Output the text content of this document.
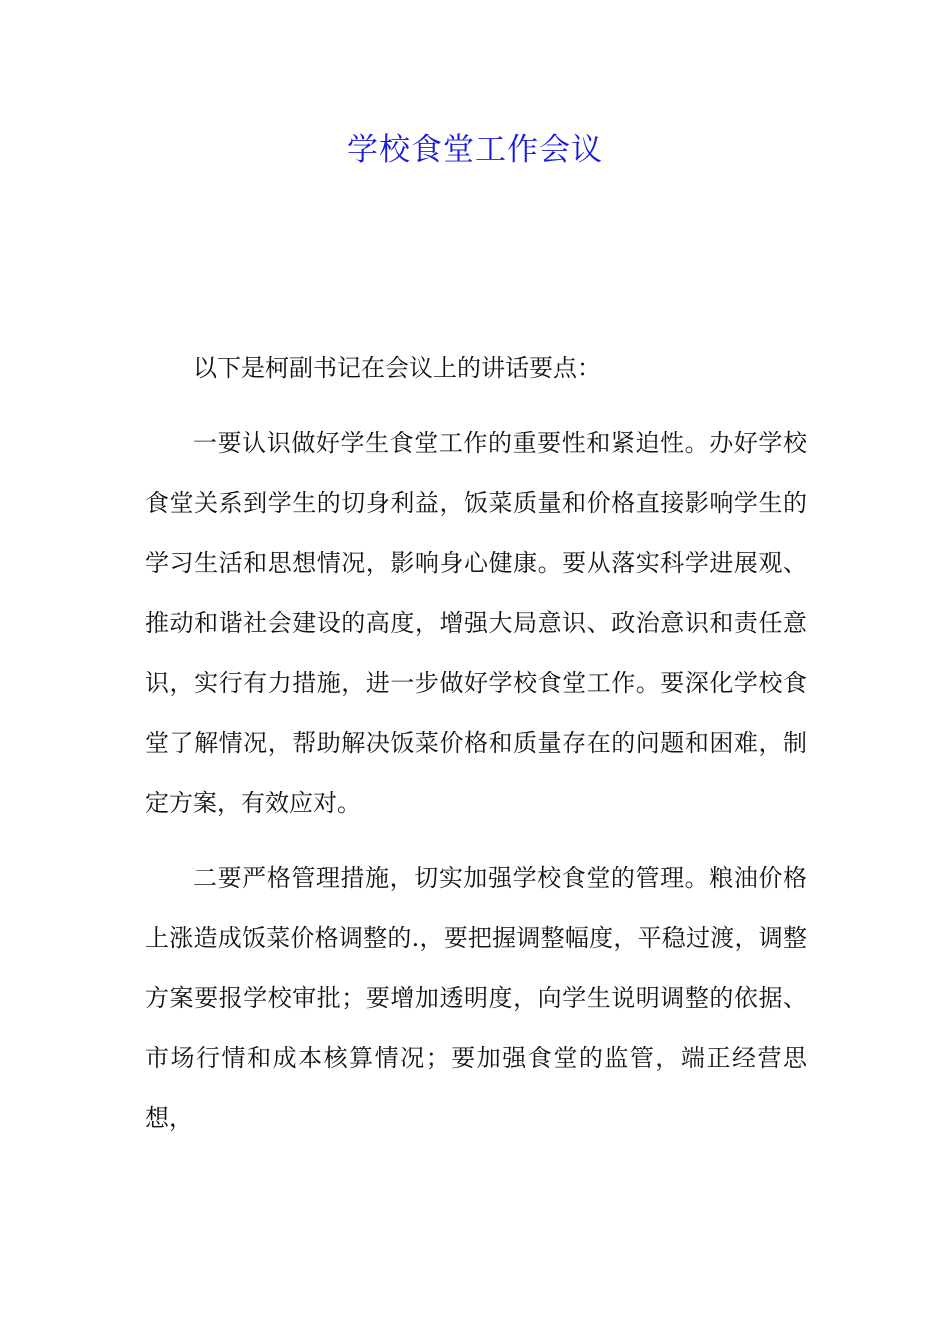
学校食堂工作会议

以下是柯副书记在会议上的讲话要点：

一要认识做好学生食堂工作的重要性和紧迫性。办好学校食堂关系到学生的切身利益，饭菜质量和价格直接影响学生的学习生活和思想情况，影响身心健康。要从落实科学进展观、推动和谐社会建设的高度，增强大局意识、政治意识和责任意识，实行有力措施，进一步做好学校食堂工作。要深化学校食堂了解情况，帮助解决饭菜价格和质量存在的问题和困难，制定方案，有效应对。

二要严格管理措施，切实加强学校食堂的管理。粮油价格上涨造成饭菜价格调整的.，要把握调整幅度，平稳过渡，调整方案要报学校审批；要增加透明度，向学生说明调整的依据、市场行情和成本核算情况；要加强食堂的监管，端正经营思想，
